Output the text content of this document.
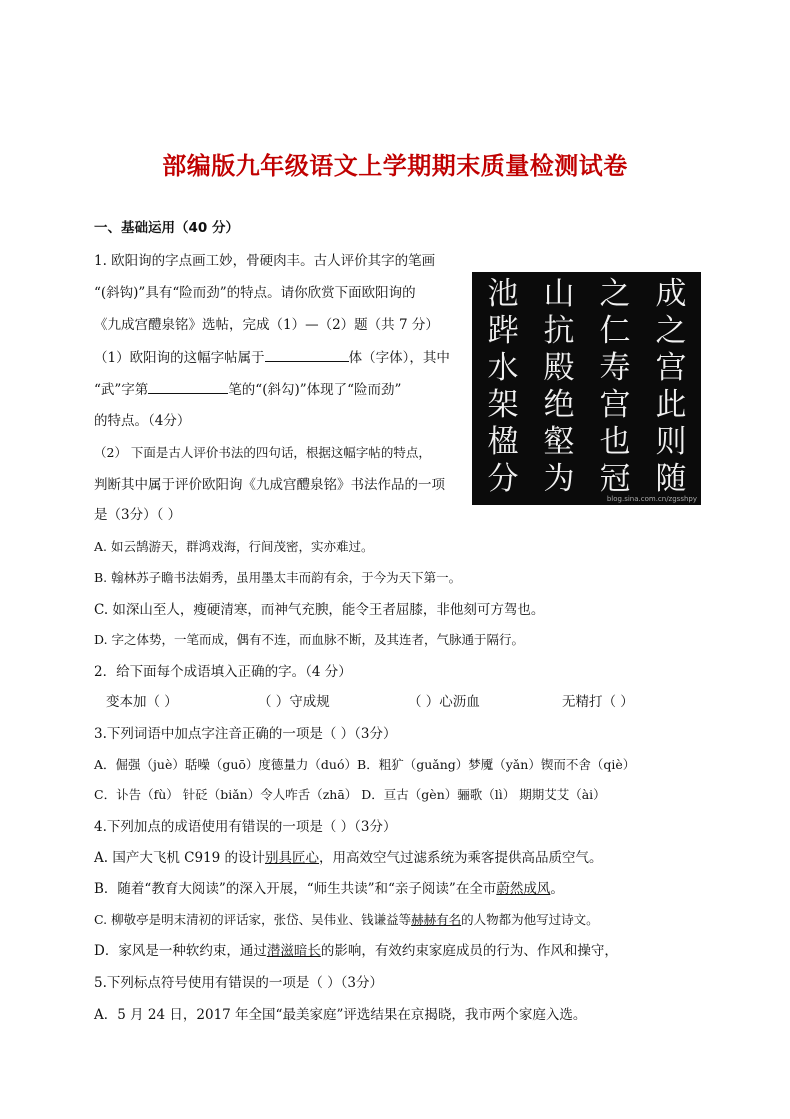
部编版九年级语文上学期期末质量检测试卷
一、基础运用（40 分）
1. 欧阳询的字点画工妙，骨硬肉丰。古人评价其字的笔画
“(斜钩)”具有“险而劲”的特点。请你欣赏下面欧阳询的
《九成宫醴泉铭》选帖，完成（1）—（2）题（共 7 分）
（1）欧阳询的这幅字帖属于	体（字体），其中
“武”字第	笔的“(斜勾)”体现了“险而劲”
的特点。（4分）
（2） 下面是古人评价书法的四句话，根据这幅字帖的特点，
判断其中属于评价欧阳询《九成宫醴泉铭》书法作品的一项
是（3分）（ ）
A. 如云鹄游天，群鸿戏海，行间茂密，实亦难过。
B. 翰林苏子瞻书法娟秀，虽用墨太丰而韵有余，于今为天下第一。
C. 如深山至人，瘦硬清寒，而神气充腴，能令王者屈膝，非他刻可方驾也。
D. 字之体势，一笔而成，偶有不连，而血脉不断，及其连者，气脉通于隔行。
池
跸
水
架
楹
分
山
抗
殿
绝
壑
为
之
仁
寿
宫
也
冠
成
之
宫
此
则
随
blog.sina.com.cn/zgsshpy
2．给下面每个成语填入正确的字。（4 分）
变本加（ ）	（ ）守成规	（ ）心沥血	无精打（ ）
3.下列词语中加点字注音正确的一项是（ ）（3分）
A．倔强（juè）聒噪（guō）度德量力（duó）B．粗犷（guǎng）梦魇（yǎn）锲而不舍（qiè）
C．讣告（fù） 针砭（biǎn）令人咋舌（zhā） D．亘古（gèn）骊歌（lì） 期期艾艾（ài）
4.下列加点的成语使用有错误的一项是（ ）（3分）
A. 国产大飞机 C919 的设计别具匠心，用高效空气过滤系统为乘客提供高品质空气。
B．随着“教育大阅读”的深入开展，“师生共读”和“亲子阅读”在全市蔚然成风。
C. 柳敬亭是明末清初的评话家，张岱、吴伟业、钱谦益等赫赫有名的人物都为他写过诗文。
D．家风是一种软约束，通过潜滋暗长的影响，有效约束家庭成员的行为、作风和操守，
5.下列标点符号使用有错误的一项是（ ）（3分）
A．5 月 24 日，2017 年全国“最美家庭”评选结果在京揭晓，我市两个家庭入选。
